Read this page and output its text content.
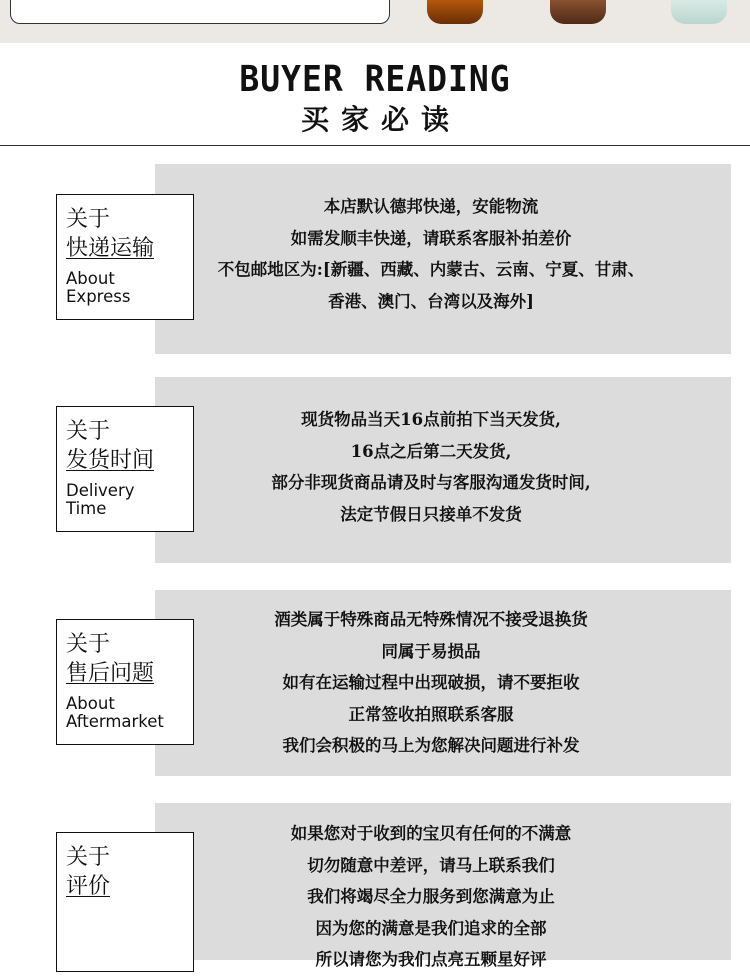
BUYER READING
买家必读
关于
快递运输
About
Express
本店默认德邦快递，安能物流
如需发顺丰快递，请联系客服补拍差价
不包邮地区为:[新疆、西藏、内蒙古、云南、宁夏、甘肃、
香港、澳门、台湾以及海外]
关于
发货时间
Delivery
Time
现货物品当天16点前拍下当天发货,
16点之后第二天发货,
部分非现货商品请及时与客服沟通发货时间,
法定节假日只接单不发货
关于
售后问题
About
Aftermarket
酒类属于特殊商品无特殊情况不接受退换货
同属于易损品
如有在运输过程中出现破损，请不要拒收
正常签收拍照联系客服
我们会积极的马上为您解决问题进行补发
关于
评价
如果您对于收到的宝贝有任何的不满意
切勿随意中差评，请马上联系我们
我们将竭尽全力服务到您满意为止
因为您的满意是我们追求的全部
所以请您为我们点亮五颗星好评
